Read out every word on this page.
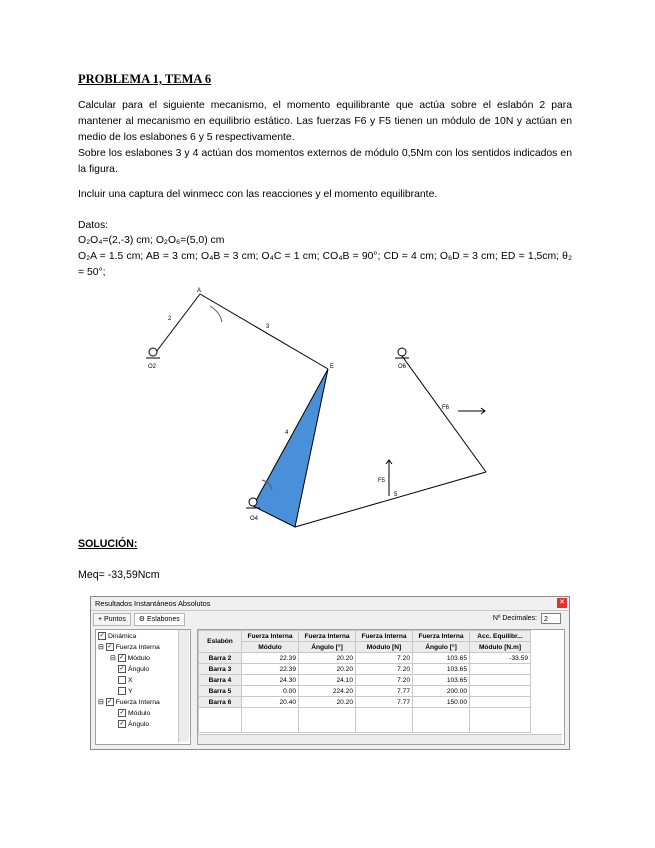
PROBLEMA 1, TEMA 6

Calcular para el siguiente mecanismo, el momento equilibrante que actúa sobre el eslabón 2 para mantener al mecanismo en equilibrio estático. Las fuerzas F6 y F5 tienen un módulo de 10N y actúan en medio de los eslabones 6 y 5 respectivamente.

Sobre los eslabones 3 y 4 actúan dos momentos externos de módulo 0,5Nm con los sentidos indicados en la figura.

Incluir una captura del winmecc con las reacciones y el momento equilibrante.

Datos:

O₂O₄=(2,-3) cm; O₂O₆=(5,0) cm

O₂A = 1.5 cm; AB = 3 cm; O₄B = 3 cm; O₄C = 1 cm; CO₄B = 90°; CD = 4 cm; O₆D = 3 cm; ED = 1,5cm; θ₂ = 50°;

A
E
2
3
4
5
O2	O6
O4
F6
F5

SOLUCIÓN:

Meq= -33,59Ncm

Resultados Instantáneos Absolutos	✕
+ Puntos ⚙ Eslabones	Nº Decimales:	2
✓ Dinámica
⊟ ✓ Fuerza Interna
⊟ ✓ Módulo
✓ Ángulo
X
Y
⊟ ✓ Fuerza Interna
✓ Módulo
✓ Ángulo
Eslabón	Fuerza Interna	Fuerza Interna	Fuerza Interna	Fuerza Interna	Acc. Equilibr...
	Módulo	Ángulo [°]	Módulo [N]	Ángulo [°]	Módulo [N.m]
Barra 2	22.39	20.20	7.20	103.65	-33.59
Barra 3	22.39	20.20	7.20	103.65	
Barra 4	24.30	24.10	7.20	103.65	
Barra 5	0.00	224.20	7.77	200.00	
Barra 6	20.40	20.20	7.77	150.00	
